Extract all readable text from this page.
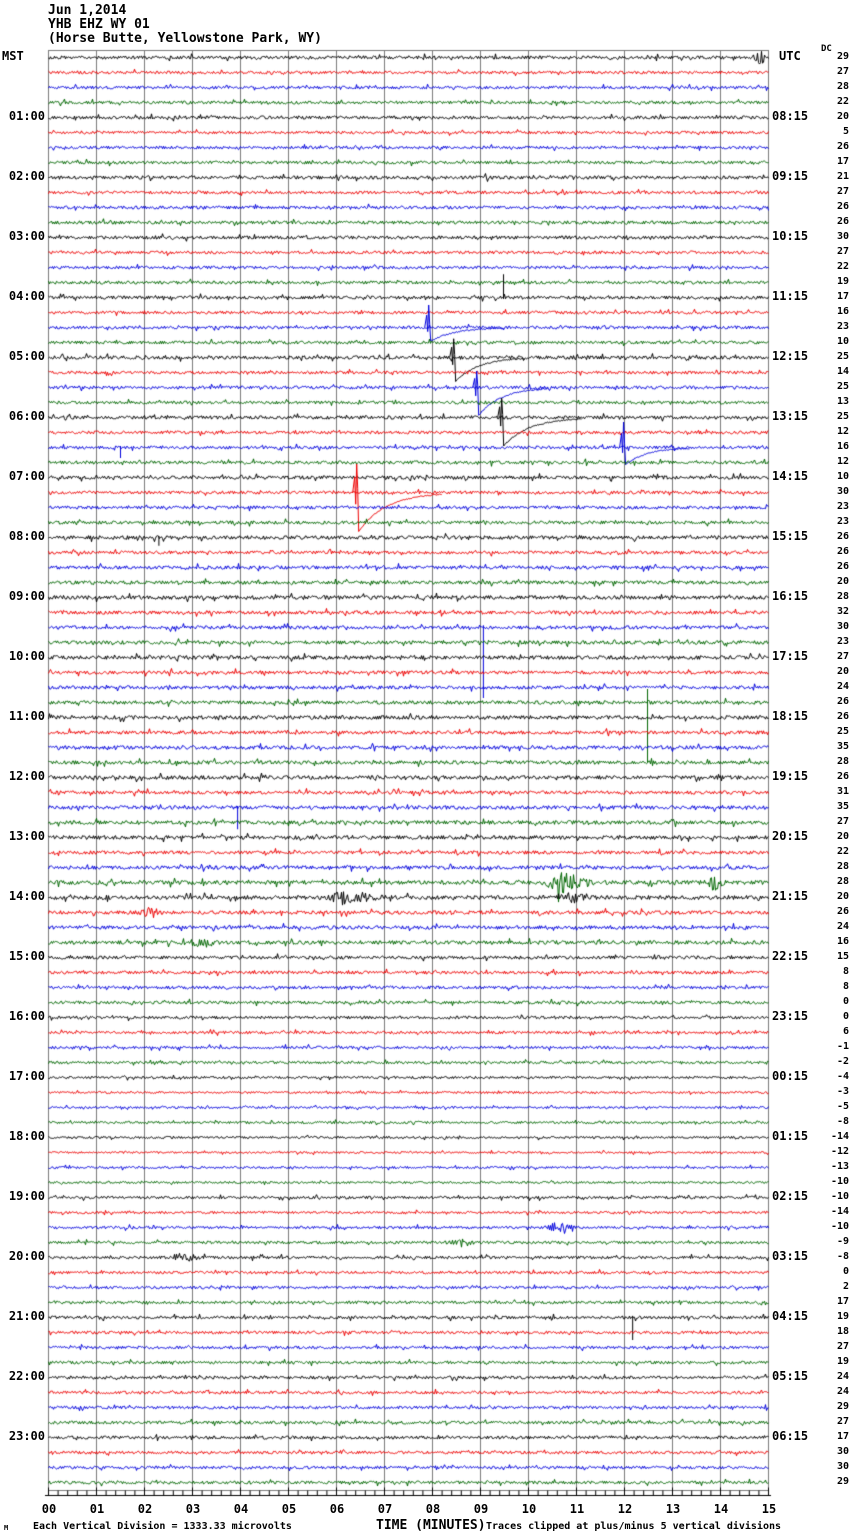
Jun 1,2014
YHB EHZ WY 01
(Horse Butte, Yellowstone Park, WY)
MST	UTC DC
29
27
28
22
01:00	08:15	20
5
26
17
02:00	09:15	21
27
26
26
03:00	10:15	30
27
22
19
04:00	11:15	17
16
23
10
05:00	12:15	25
14
25
13
06:00	13:15	25
12
16
12
07:00	14:15	10
30
23
23
08:00	15:15	26
26
26
20
09:00	16:15	28
32
30
23
10:00	17:15	27
20
24
26
11:00	18:15	26
25
35
28
12:00	19:15	26
31
35
27
13:00	20:15	20
22
28
28
14:00	21:15	20
26
24
16
15:00	22:15	15
8
8
0
16:00	23:15	0
6
-1
-2
17:00	00:15	-4
-3
-5
-8
18:00	01:15	-14
-12
-13
-10
19:00	02:15	-10
-14
-10
-9
20:00	03:15	-8
0
2
17
21:00	04:15	19
18
27
19
22:00	05:15	24
24
29
27
23:00	06:15	17
30
30
29
00	01	02	03	04	05	06	07	08	09	10	11	12	13	14	15
Each Vertical Division = 1333.33 microvolts	TIME (MINUTES) Traces clipped at plus/minus 5 vertical divisions
M
